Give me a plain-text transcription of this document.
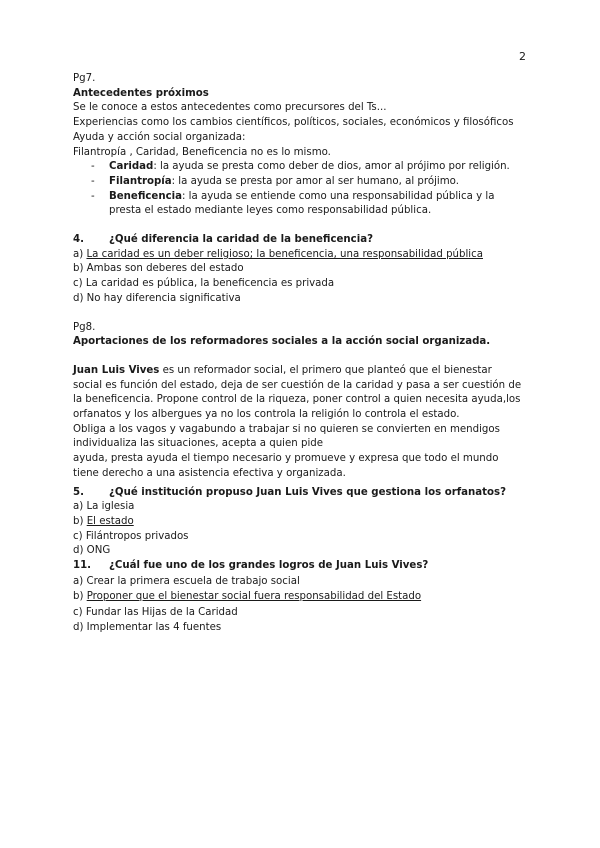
2

Pg7.

Antecedentes próximos

Se le conoce a estos antecedentes como precursores del Ts...

Experiencias como los cambios científicos, políticos, sociales, económicos y filosóficos

Ayuda y acción social organizada:

Filantropía , Caridad, Beneficencia no es lo mismo.

- Caridad: la ayuda se presta como deber de dios, amor al prójimo por religión.
- Filantropía: la ayuda se presta por amor al ser humano, al prójimo.
- Beneficencia: la ayuda se entiende como una responsabilidad pública y la presta el estado mediante leyes como responsabilidad pública.

4. ¿Qué diferencia la caridad de la beneficencia?

a) La caridad es un deber religioso; la beneficencia, una responsabilidad pública

b) Ambas son deberes del estado

c) La caridad es pública, la beneficencia es privada

d) No hay diferencia significativa

Pg8.

Aportaciones de los reformadores sociales a la acción social organizada.

Juan Luis Vives es un reformador social, el primero que planteó que el bienestar social es función del estado, deja de ser cuestión de la caridad y pasa a ser cuestión de la beneficencia. Propone control de la riqueza, poner control a quien necesita ayuda,los orfanatos y los albergues ya no los controla la religión lo controla el estado.

Obliga a los vagos y vagabundo a trabajar si no quieren se convierten en mendigos

individualiza las situaciones, acepta a quien pide

ayuda, presta ayuda el tiempo necesario y promueve y expresa que todo el mundo tiene derecho a una asistencia efectiva y organizada.

5. ¿Qué institución propuso Juan Luis Vives que gestiona los orfanatos?

a) La iglesia

b) El estado

c) Filántropos privados

d) ONG

11. ¿Cuál fue uno de los grandes logros de Juan Luis Vives?

a) Crear la primera escuela de trabajo social

b) Proponer que el bienestar social fuera responsabilidad del Estado

c) Fundar las Hijas de la Caridad

d) Implementar las 4 fuentes
